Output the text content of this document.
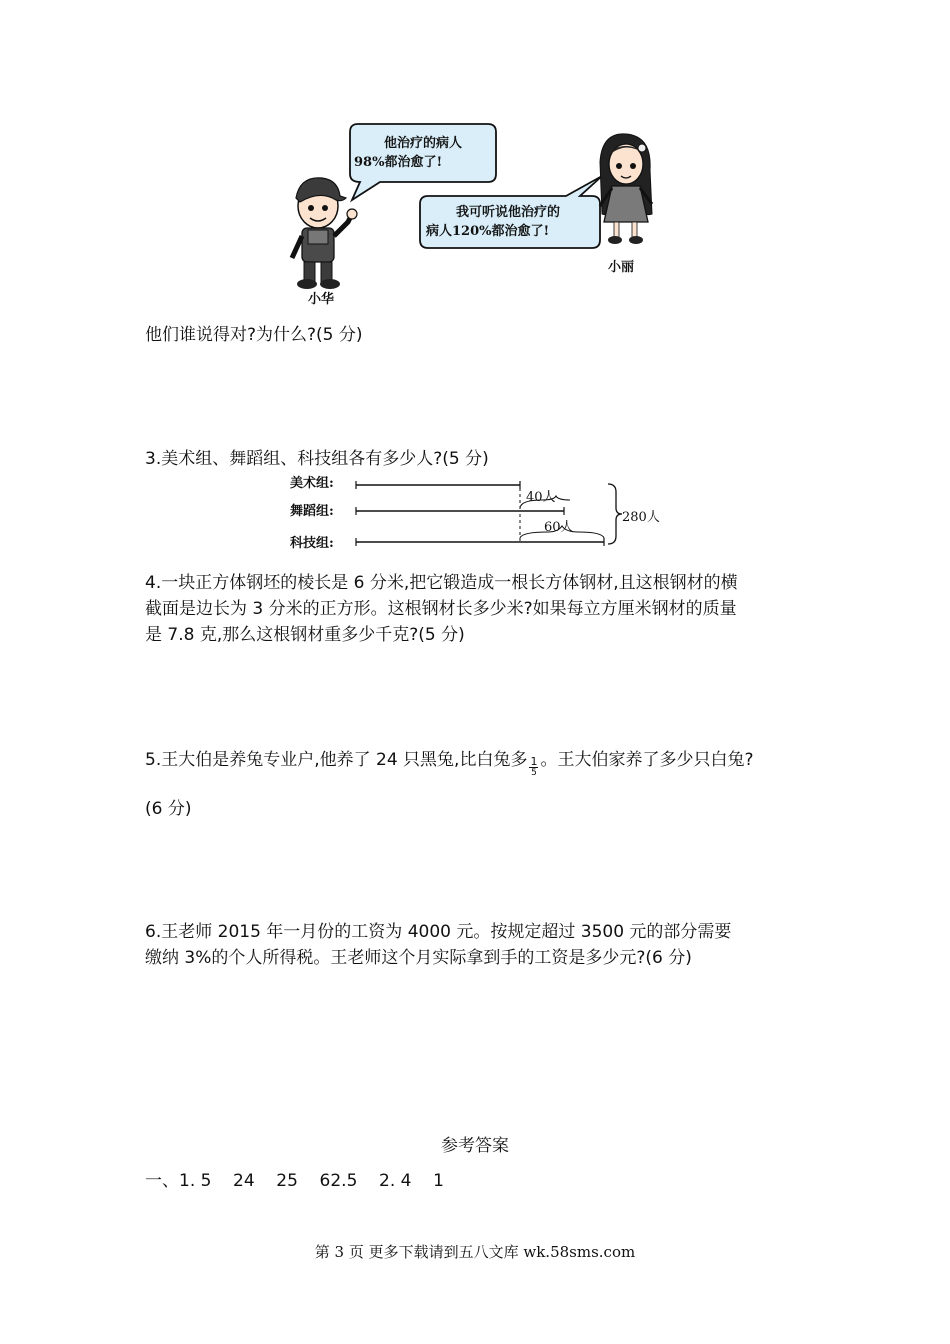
他治疗的病人
98%都治愈了!
我可听说他治疗的
病人120%都治愈了!
小华
小丽
他们谁说得对?为什么?(5 分)
3.美术组、舞蹈组、科技组各有多少人?(5 分)
美术组:
舞蹈组:
科技组:
40人
60人
280人
4.一块正方体钢坯的棱长是 6 分米,把它锻造成一根长方体钢材,且这根钢材的横
截面是边长为 3 分米的正方形。这根钢材长多少米?如果每立方厘米钢材的质量
是 7.8 克,那么这根钢材重多少千克?(5 分)
5.王大伯是养兔专业户,他养了 24 只黑兔,比白兔多 $\frac{1}{5}$ 。王大伯家养了多少只白兔?
(6 分)
6.王老师 2015 年一月份的工资为 4000 元。按规定超过 3500 元的部分需要
缴纳 3%的个人所得税。王老师这个月实际拿到手的工资是多少元?(6 分)
参考答案
一、1. 5    24    25    62.5    2. 4    1
第 3 页 更多下载请到五八文库 wk.58sms.com
